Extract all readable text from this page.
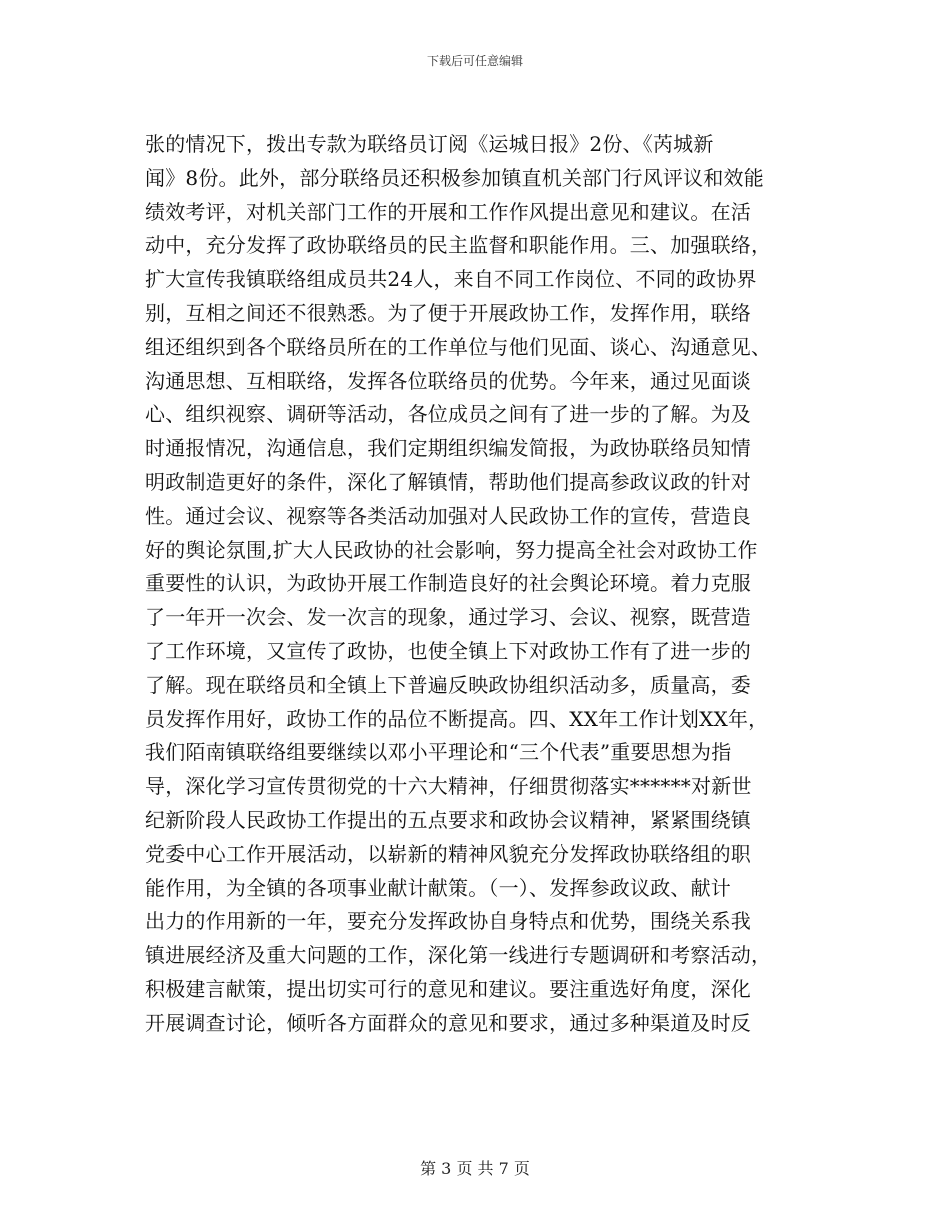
下载后可任意编辑
张的情况下，拨出专款为联络员订阅《运城日报》2份、《芮城新
闻》8份。此外，部分联络员还积极参加镇直机关部门行风评议和效能
绩效考评，对机关部门工作的开展和工作作风提出意见和建议。在活
动中，充分发挥了政协联络员的民主监督和职能作用。三、加强联络，
扩大宣传我镇联络组成员共24人，来自不同工作岗位、不同的政协界
别，互相之间还不很熟悉。为了便于开展政协工作，发挥作用，联络
组还组织到各个联络员所在的工作单位与他们见面、谈心、沟通意见、
沟通思想、互相联络，发挥各位联络员的优势。今年来，通过见面谈
心、组织视察、调研等活动，各位成员之间有了进一步的了解。为及
时通报情况，沟通信息，我们定期组织编发简报，为政协联络员知情
明政制造更好的条件，深化了解镇情，帮助他们提高参政议政的针对
性。通过会议、视察等各类活动加强对人民政协工作的宣传，营造良
好的舆论氛围,扩大人民政协的社会影响，努力提高全社会对政协工作
重要性的认识，为政协开展工作制造良好的社会舆论环境。着力克服
了一年开一次会、发一次言的现象，通过学习、会议、视察，既营造
了工作环境，又宣传了政协，也使全镇上下对政协工作有了进一步的
了解。现在联络员和全镇上下普遍反映政协组织活动多，质量高，委
员发挥作用好，政协工作的品位不断提高。四、XX年工作计划XX年，
我们陌南镇联络组要继续以邓小平理论和“三个代表”重要思想为指
导，深化学习宣传贯彻党的十六大精神，仔细贯彻落实******对新世
纪新阶段人民政协工作提出的五点要求和政协会议精神，紧紧围绕镇
党委中心工作开展活动，以崭新的精神风貌充分发挥政协联络组的职
能作用，为全镇的各项事业献计献策。（一）、发挥参政议政、献计
出力的作用新的一年，要充分发挥政协自身特点和优势，围绕关系我
镇进展经济及重大问题的工作，深化第一线进行专题调研和考察活动，
积极建言献策，提出切实可行的意见和建议。要注重选好角度，深化
开展调查讨论，倾听各方面群众的意见和要求，通过多种渠道及时反
第 3 页 共 7 页
